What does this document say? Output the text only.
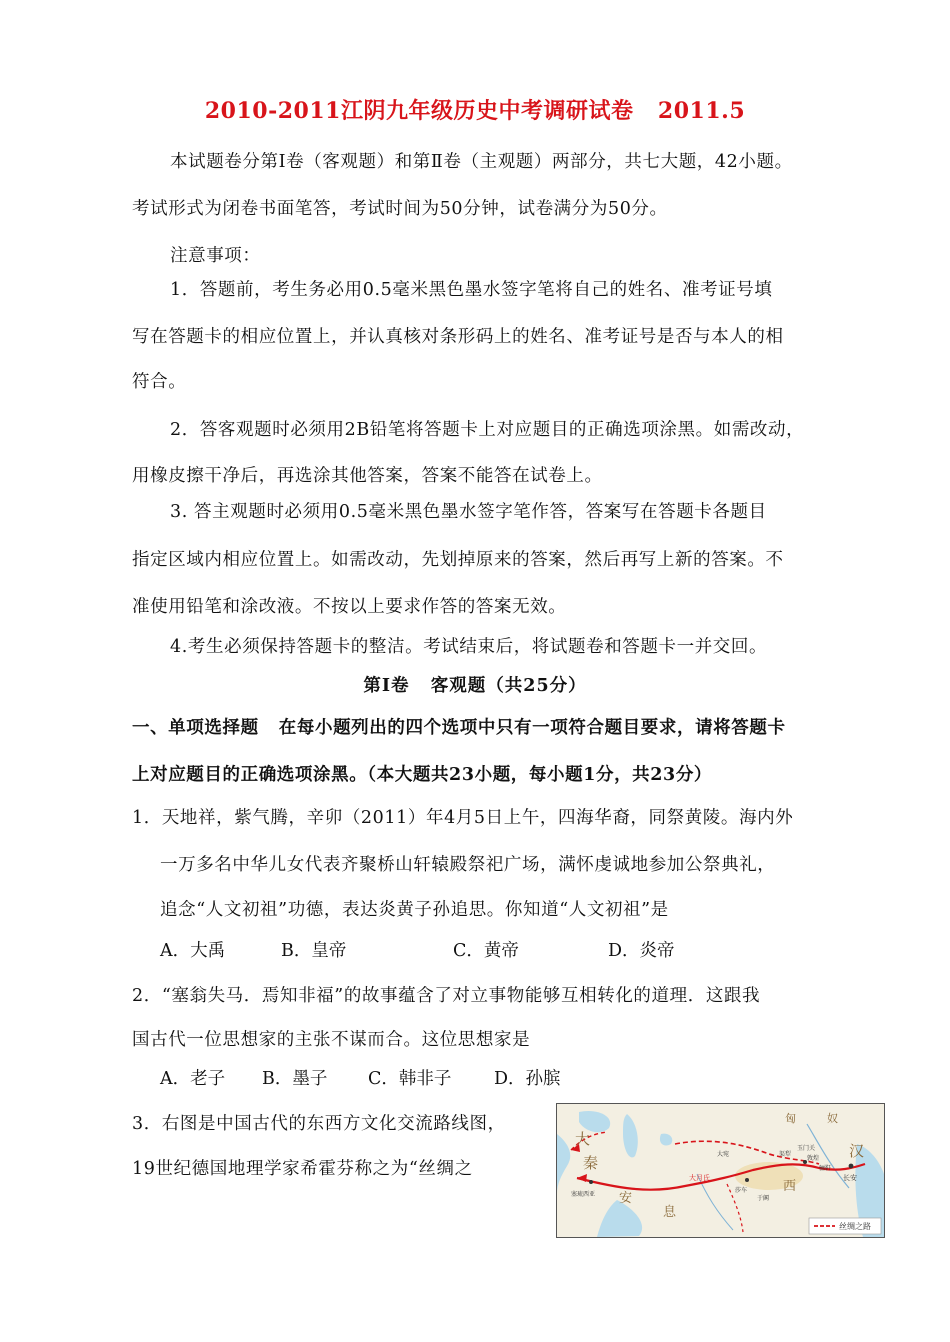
2010-2011江阴九年级历史中考调研试卷   2011.5
本试题卷分第Ⅰ卷（客观题）和第Ⅱ卷（主观题）两部分，共七大题，42小题。
考试形式为闭卷书面笔答，考试时间为50分钟，试卷满分为50分。
注意事项：
1．答题前，考生务必用0.5毫米黑色墨水签字笔将自己的姓名、准考证号填
写在答题卡的相应位置上，并认真核对条形码上的姓名、准考证号是否与本人的相
符合。
2．答客观题时必须用2B铅笔将答题卡上对应题目的正确选项涂黑。如需改动，
用橡皮擦干净后，再选涂其他答案，答案不能答在试卷上。
3. 答主观题时必须用0.5毫米黑色墨水签字笔作答，答案写在答题卡各题目
指定区域内相应位置上。如需改动，先划掉原来的答案，然后再写上新的答案。不
准使用铅笔和涂改液。不按以上要求作答的答案无效。
4.考生必须保持答题卡的整洁。考试结束后，将试题卷和答题卡一并交回。
第Ⅰ卷   客观题（共25分）
一、单项选择题   在每小题列出的四个选项中只有一项符合题目要求，请将答题卡
上对应题目的正确选项涂黑。（本大题共23小题，每小题1分，共23分）
1．天地祥，紫气腾，辛卯（2011）年4月5日上午，四海华裔，同祭黄陵。海内外
一万多名中华儿女代表齐聚桥山轩辕殿祭祀广场，满怀虔诚地参加公祭典礼，
追念“人文初祖”功德，表达炎黄子孙追思。你知道“人文初祖”是
A．大禹	B．皇帝	C．黄帝	D．炎帝
2．“塞翁失马．焉知非福”的故事蕴含了对立事物能够互相转化的道理．这跟我
国古代一位思想家的主张不谋而合。这位思想家是
A．老子 B．墨子 C．韩非子 D．孙膑
3．右图是中国古代的东西方文化交流路线图，
19世纪德国地理学家希霍芬称之为“丝绸之
匈	奴
大
秦
安
息
西
汉
大月氏	长安
敦煌
玉门关
莎车
于阗
大宛	渠犁
骊靬
塞琉西亚
丝绸之路
